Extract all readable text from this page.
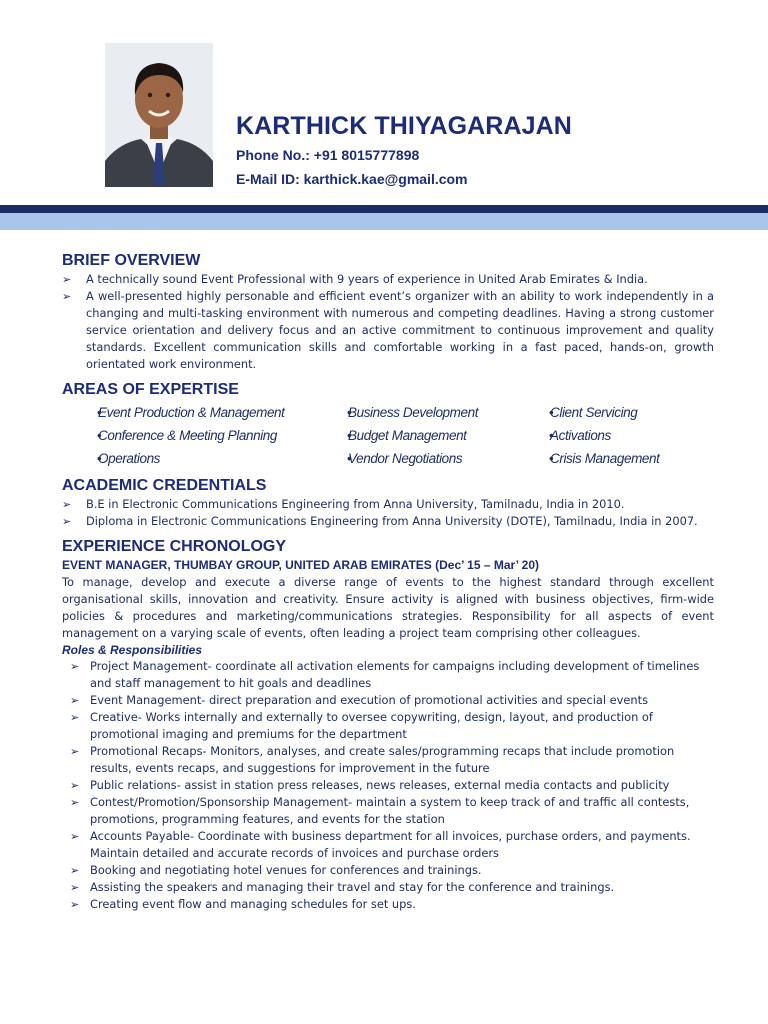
KARTHICK THIYAGARAJAN
Phone No.: +91 8015777898
E-Mail ID: karthick.kae@gmail.com
BRIEF OVERVIEW
➢ A technically sound Event Professional with 9 years of experience in United Arab Emirates & India.
➢ A well-presented highly personable and efficient event’s organizer with an ability to work independently in a changing and multi-tasking environment with numerous and competing deadlines. Having a strong customer service orientation and delivery focus and an active commitment to continuous improvement and quality standards. Excellent communication skills and comfortable working in a fast paced, hands-on, growth orientated work environment.
AREAS OF EXPERTISE
• Event Production & Management	• Business Development	• Client Servicing
• Conference & Meeting Planning	• Budget Management	• Activations
• Operations	• Vendor Negotiations	• Crisis Management
ACADEMIC CREDENTIALS
➢ B.E in Electronic Communications Engineering from Anna University, Tamilnadu, India in 2010.
➢ Diploma in Electronic Communications Engineering from Anna University (DOTE), Tamilnadu, India in 2007.
EXPERIENCE CHRONOLOGY
EVENT MANAGER, THUMBAY GROUP, UNITED ARAB EMIRATES (Dec’ 15 – Mar’ 20)
To manage, develop and execute a diverse range of events to the highest standard through excellent organisational skills, innovation and creativity. Ensure activity is aligned with business objectives, firm-wide policies & procedures and marketing/communications strategies. Responsibility for all aspects of event management on a varying scale of events, often leading a project team comprising other colleagues.
Roles & Responsibilities
➢ Project Management- coordinate all activation elements for campaigns including development of timelines and staff management to hit goals and deadlines
➢ Event Management- direct preparation and execution of promotional activities and special events
➢ Creative- Works internally and externally to oversee copywriting, design, layout, and production of promotional imaging and premiums for the department
➢ Promotional Recaps- Monitors, analyses, and create sales/programming recaps that include promotion results, events recaps, and suggestions for improvement in the future
➢ Public relations- assist in station press releases, news releases, external media contacts and publicity
➢ Contest/Promotion/Sponsorship Management- maintain a system to keep track of and traffic all contests, promotions, programming features, and events for the station
➢ Accounts Payable- Coordinate with business department for all invoices, purchase orders, and payments. Maintain detailed and accurate records of invoices and purchase orders
➢ Booking and negotiating hotel venues for conferences and trainings.
➢ Assisting the speakers and managing their travel and stay for the conference and trainings.
➢ Creating event flow and managing schedules for set ups.
